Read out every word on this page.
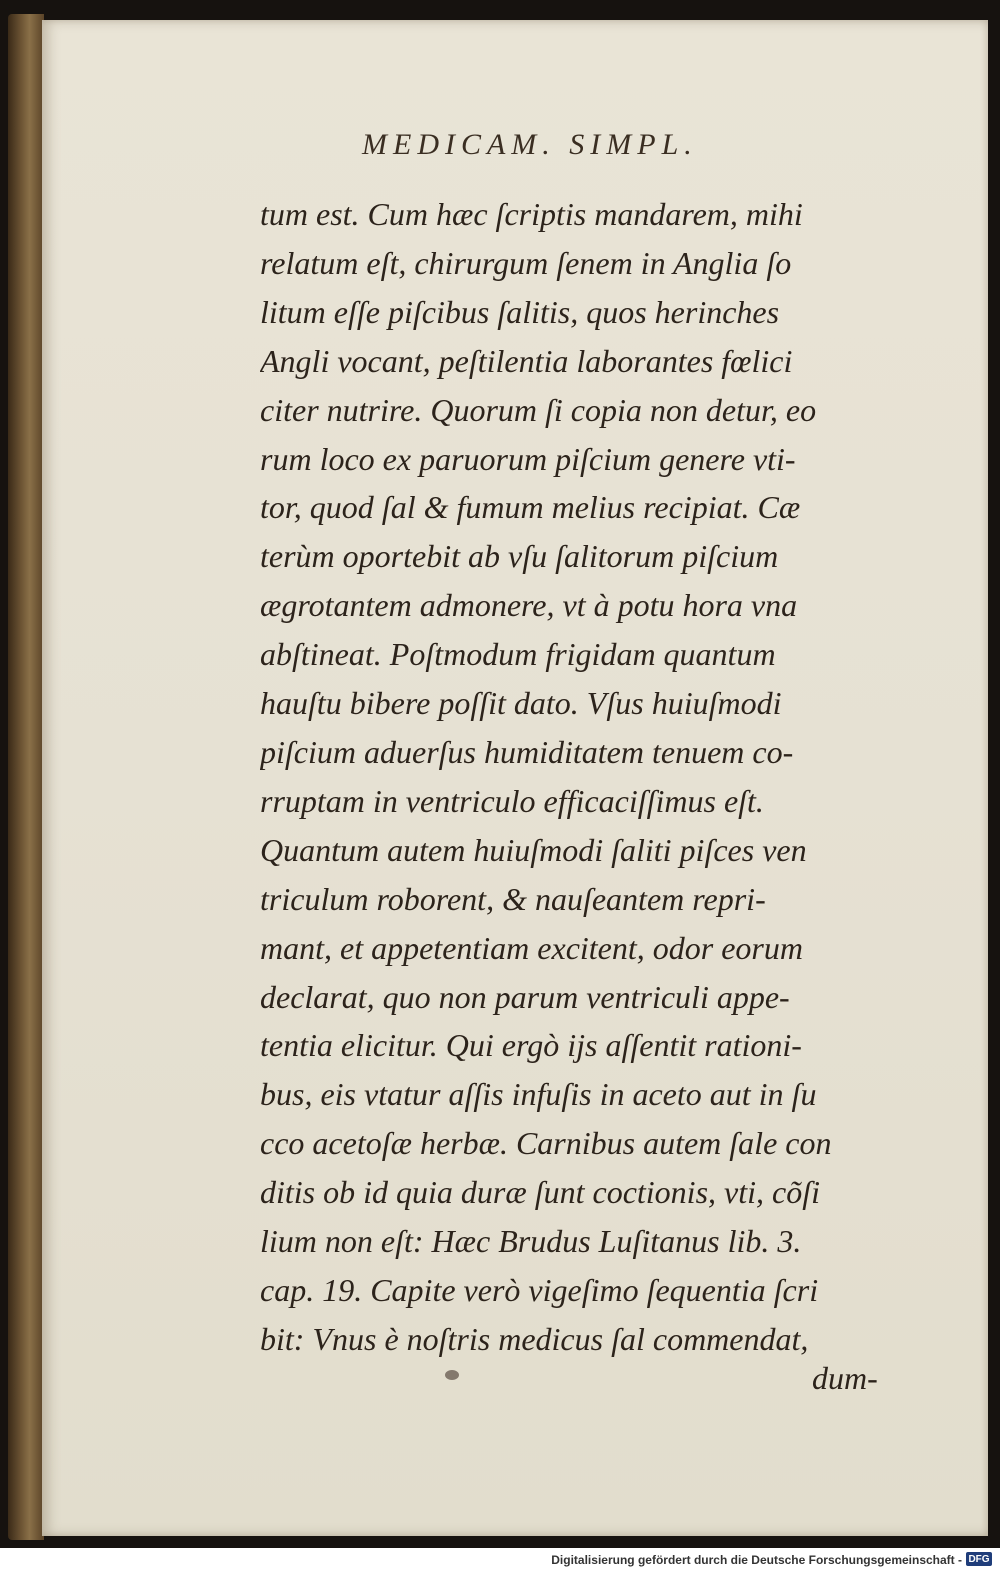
MEDICAM. SIMPL.
tum est. Cum hæc ſcriptis mandarem, mihi
relatum eſt, chirurgum ſenem in Anglia ſo
litum eſſe piſcibus ſalitis, quos herinches
Angli vocant, peſtilentia laborantes fœlici
citer nutrire. Quorum ſi copia non detur, eo
rum loco ex paruorum piſcium genere vti-
tor, quod ſal & fumum melius recipiat. Cæ
terùm oportebit ab vſu ſalitorum piſcium
ægrotantem admonere, vt à potu hora vna
abſtineat. Poſtmodum frigidam quantum
hauſtu bibere poſſit dato. Vſus huiuſmodi
piſcium aduerſus humiditatem tenuem co-
rruptam in ventriculo efficaciſſimus eſt.
Quantum autem huiuſmodi ſaliti piſces ven
triculum roborent, & nauſeantem repri-
mant, et appetentiam excitent, odor eorum
declarat, quo non parum ventriculi appe-
tentia elicitur. Qui ergò ijs aſſentit rationi-
bus, eis vtatur aſſis infuſis in aceto aut in ſu
cco acetoſæ herbæ. Carnibus autem ſale con
ditis ob id quia duræ ſunt coctionis, vti, cõſi
lium non eſt: Hæc Brudus Luſitanus lib. 3.
cap. 19. Capite verò vigeſimo ſequentia ſcri
bit: Vnus è noſtris medicus ſal commendat,
dum-
Digitalisierung gefördert durch die Deutsche Forschungsgemeinschaft - DFG
